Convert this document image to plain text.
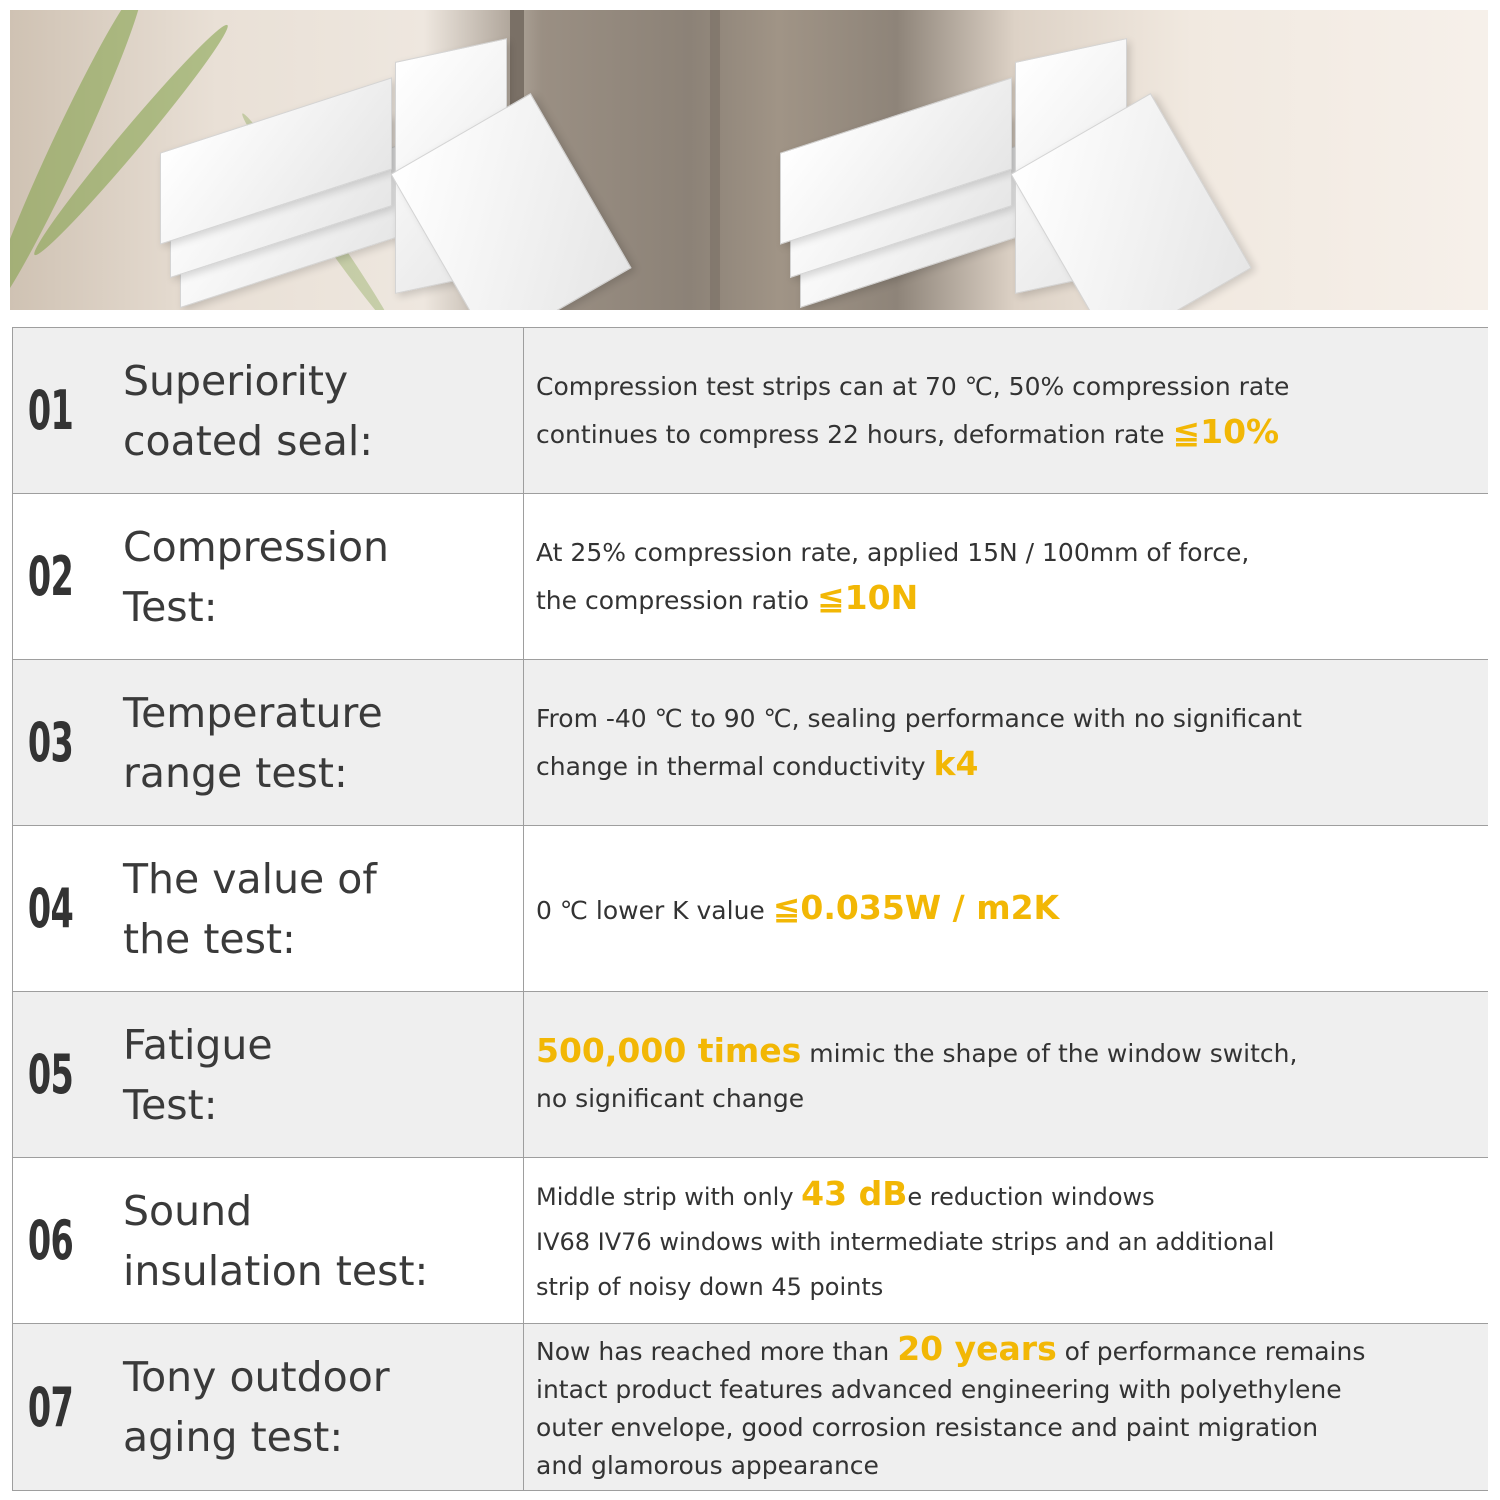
01 Superiority
coated seal:
Compression test strips can at 70 ℃, 50% compression rate
continues to compress 22 hours, deformation rate ≦10%
02 Compression
Test:
At 25% compression rate, applied 15N / 100mm of force,
the compression ratio ≦10N
03 Temperature
range test:
From -40 ℃ to 90 ℃, sealing performance with no significant
change in thermal conductivity k4
04 The value of
the test:
0 ℃ lower K value ≦0.035W / m2K
05 Fatigue
Test:
500,000 times mimic the shape of the window switch,
no significant change
06 Sound
insulation test:
Middle strip with only 43 dBe reduction windows
IV68 IV76 windows with intermediate strips and an additional
strip of noisy down 45 points
07 Tony outdoor
aging test:
Now has reached more than 20 years of performance remains
intact product features advanced engineering with polyethylene
outer envelope, good corrosion resistance and paint migration
and glamorous appearance
